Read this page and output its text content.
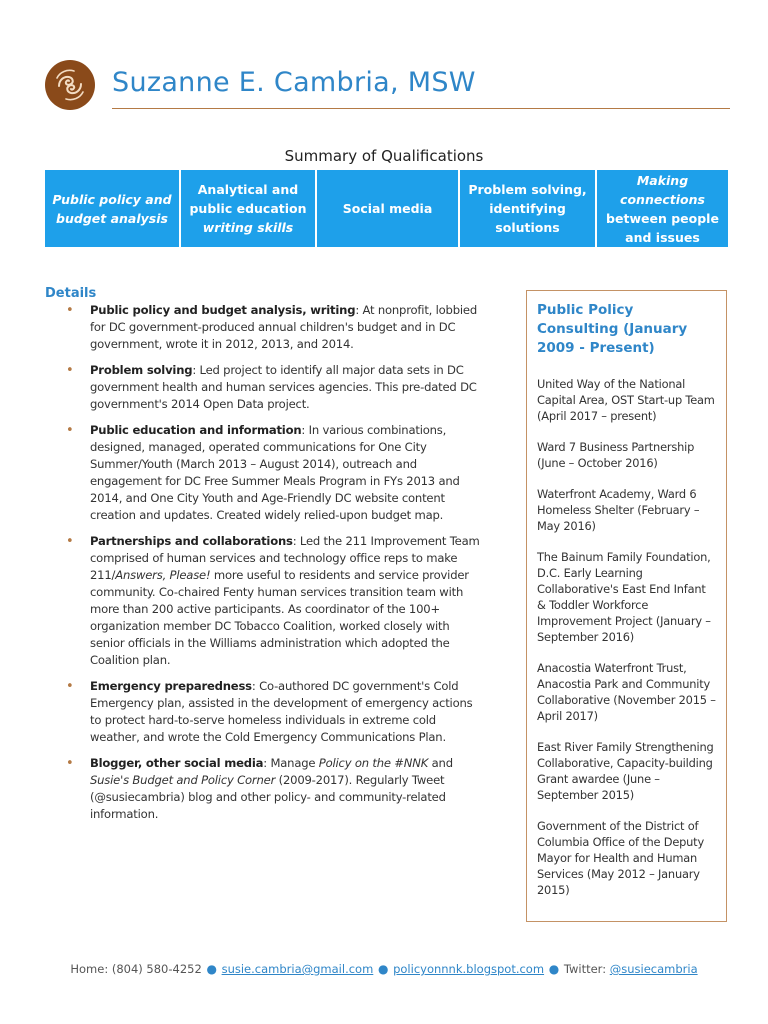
Suzanne E. Cambria, MSW
Summary of Qualifications
Public policy and
budget analysis
Analytical and
public education
writing skills
Social media
Problem solving,
identifying
solutions
Making
connections
between people
and issues
Details
• Public policy and budget analysis, writing: At nonprofit, lobbied for DC government-produced annual children's budget and in DC government, wrote it in 2012, 2013, and 2014.
• Problem solving: Led project to identify all major data sets in DC government health and human services agencies. This pre-dated DC government's 2014 Open Data project.
• Public education and information: In various combinations, designed, managed, operated communications for One City Summer/Youth (March 2013 – August 2014), outreach and engagement for DC Free Summer Meals Program in FYs 2013 and 2014, and One City Youth and Age-Friendly DC website content creation and updates. Created widely relied-upon budget map.
• Partnerships and collaborations: Led the 211 Improvement Team comprised of human services and technology office reps to make 211/Answers, Please! more useful to residents and service provider community. Co-chaired Fenty human services transition team with more than 200 active participants. As coordinator of the 100+ organization member DC Tobacco Coalition, worked closely with senior officials in the Williams administration which adopted the Coalition plan.
• Emergency preparedness: Co-authored DC government's Cold Emergency plan, assisted in the development of emergency actions to protect hard-to-serve homeless individuals in extreme cold weather, and wrote the Cold Emergency Communications Plan.
• Blogger, other social media: Manage Policy on the #NNK and Susie's Budget and Policy Corner (2009-2017). Regularly Tweet (@susiecambria) blog and other policy- and community-related information.
Public Policy Consulting (January 2009 - Present)
United Way of the National Capital Area, OST Start-up Team (April 2017 – present)
Ward 7 Business Partnership (June – October 2016)
Waterfront Academy, Ward 6 Homeless Shelter (February – May 2016)
The Bainum Family Foundation, D.C. Early Learning Collaborative's East End Infant & Toddler Workforce Improvement Project (January – September 2016)
Anacostia Waterfront Trust, Anacostia Park and Community Collaborative (November 2015 – April 2017)
East River Family Strengthening Collaborative, Capacity-building Grant awardee (June – September 2015)
Government of the District of Columbia Office of the Deputy Mayor for Health and Human Services (May 2012 – January 2015)
Home: (804) 580-4252 ● susie.cambria@gmail.com ● policyonnnk.blogspot.com ● Twitter: @susiecambria
